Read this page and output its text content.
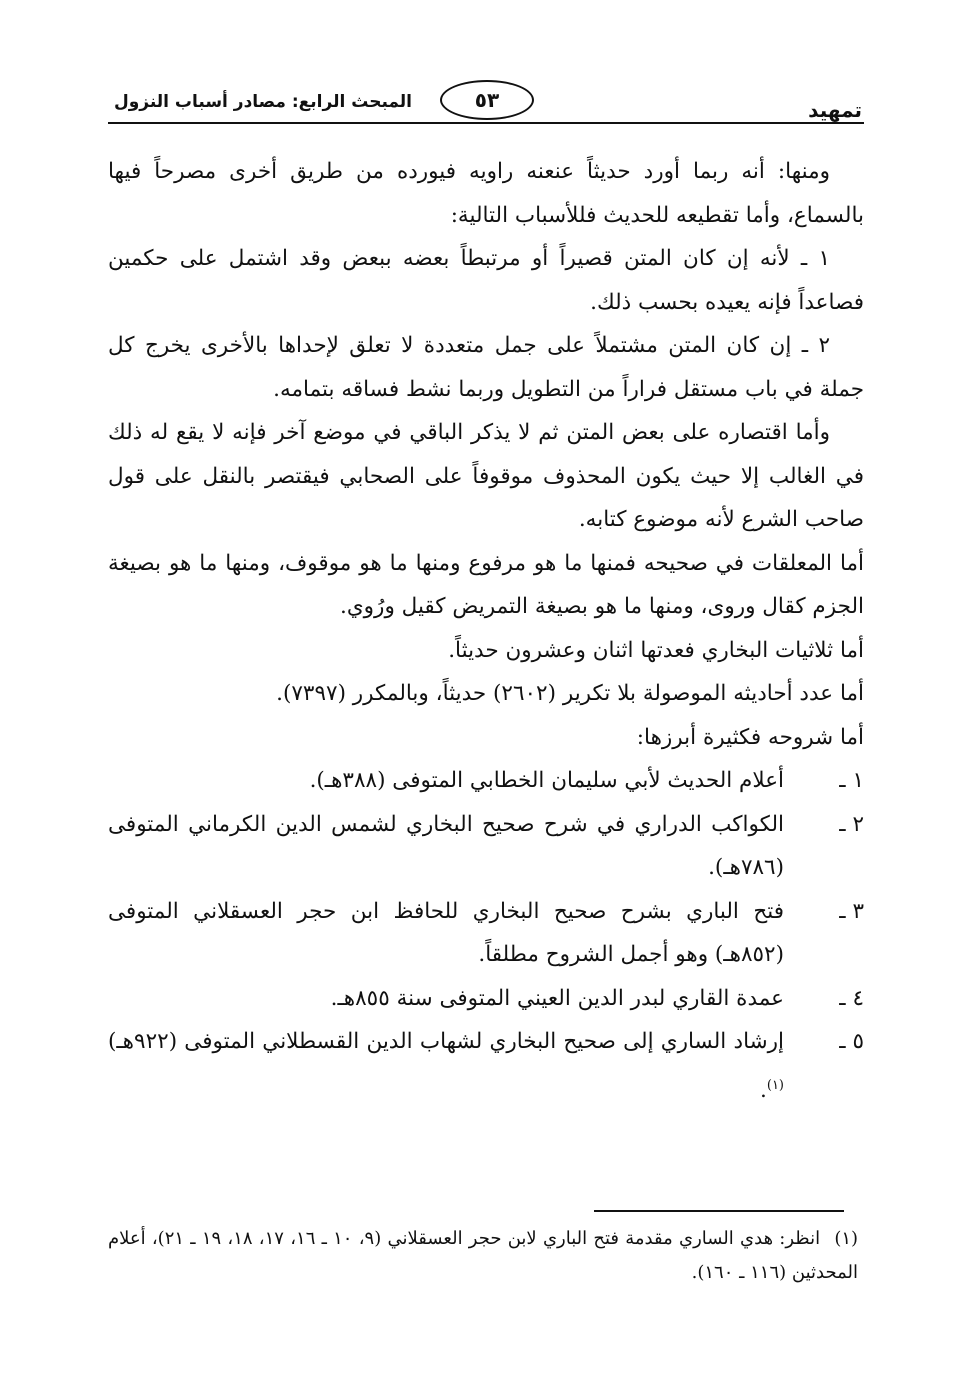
تمهيد
٥٣
المبحث الرابع: مصادر أسباب النزول

ومنها: أنه ربما أورد حديثاً عنعنه راويه فيورده من طريق أخرى مصرحاً فيها بالسماع، وأما تقطيعه للحديث فللأسباب التالية:

١ ـ لأنه إن كان المتن قصيراً أو مرتبطاً بعضه ببعض وقد اشتمل على حكمين فصاعداً فإنه يعيده بحسب ذلك.

٢ ـ إن كان المتن مشتملاً على جمل متعددة لا تعلق لإحداها بالأخرى يخرج كل جملة في باب مستقل فراراً من التطويل وربما نشط فساقه بتمامه.

وأما اقتصاره على بعض المتن ثم لا يذكر الباقي في موضع آخر فإنه لا يقع له ذلك في الغالب إلا حيث يكون المحذوف موقوفاً على الصحابي فيقتصر بالنقل على قول صاحب الشرع لأنه موضوع كتابه.

أما المعلقات في صحيحه فمنها ما هو مرفوع ومنها ما هو موقوف، ومنها ما هو بصيغة الجزم كقال وروى، ومنها ما هو بصيغة التمريض كقيل ورُوي.

أما ثلاثيات البخاري فعدتها اثنان وعشرون حديثاً.

أما عدد أحاديثه الموصولة بلا تكرير (٢٦٠٢) حديثاً، وبالمكرر (٧٣٩٧).

أما شروحه فكثيرة أبرزها:

١ ـ
أعلام الحديث لأبي سليمان الخطابي المتوفى (٣٨٨هـ).
٢ ـ
الكواكب الدراري في شرح صحيح البخاري لشمس الدين الكرماني المتوفى (٧٨٦هـ).
٣ ـ
فتح الباري بشرح صحيح البخاري للحافظ ابن حجر العسقلاني المتوفى (٨٥٢هـ) وهو أجمل الشروح مطلقاً.
٤ ـ
عمدة القاري لبدر الدين العيني المتوفى سنة ٨٥٥هـ.
٥ ـ
إرشاد الساري إلى صحيح البخاري لشهاب الدين القسطلاني المتوفى (٩٢٢هـ)$^{(١)}$.
(١) انظر: هدي الساري مقدمة فتح الباري لابن حجر العسقلاني (٩، ١٠ ـ ١٦، ١٧، ١٨، ١٩ ـ ٢١)، أعلام المحدثين (١١٦ ـ ١٦٠).
